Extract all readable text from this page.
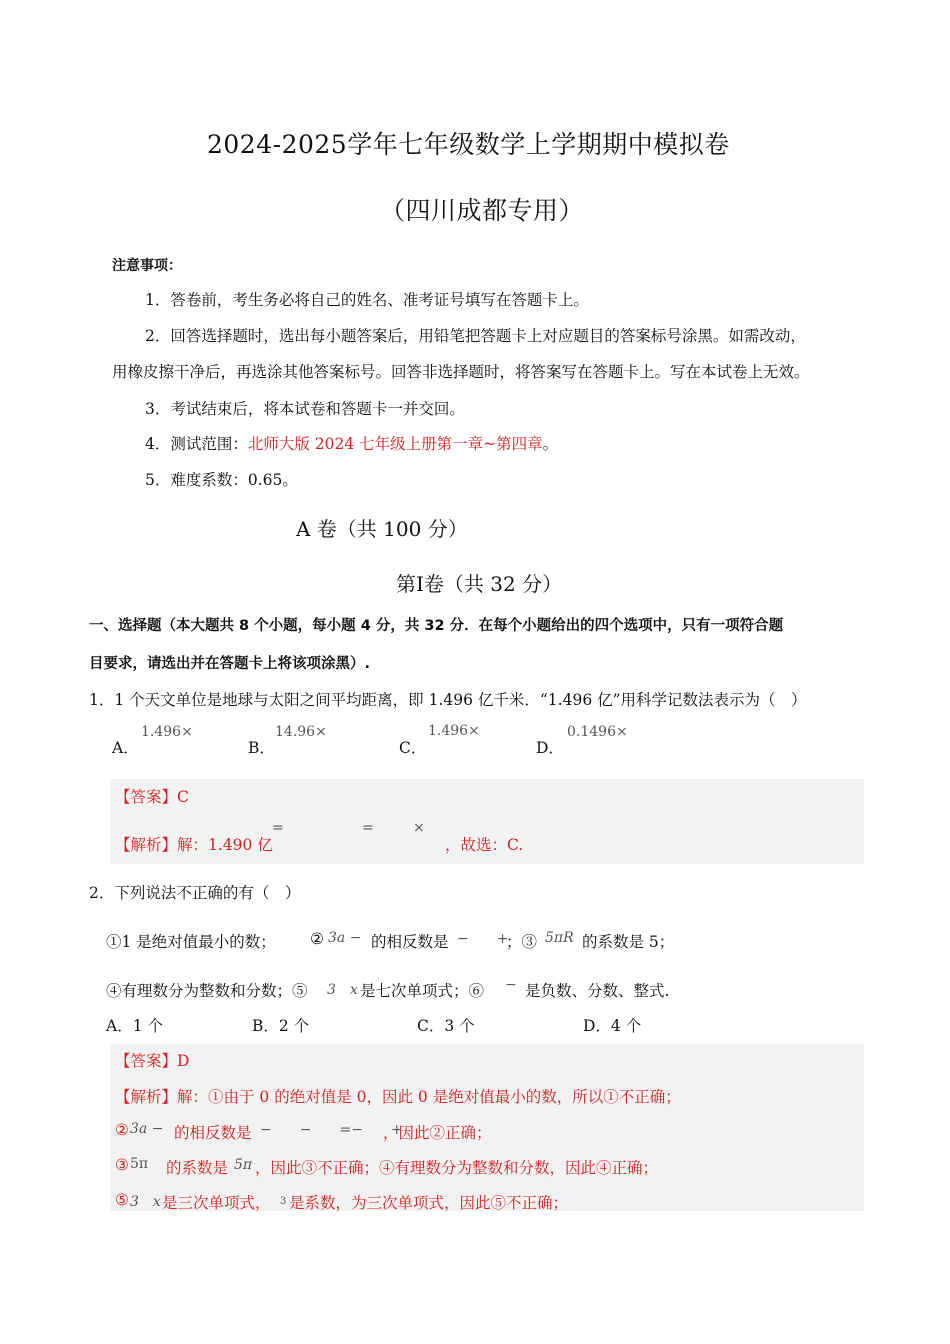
2024-2025学年七年级数学上学期期中模拟卷
（四川成都专用）
注意事项：
1．答卷前，考生务必将自己的姓名、准考证号填写在答题卡上。
2．回答选择题时，选出每小题答案后，用铅笔把答题卡上对应题目的答案标号涂黑。如需改动，
用橡皮擦干净后，再选涂其他答案标号。回答非选择题时，将答案写在答题卡上。写在本试卷上无效。
3．考试结束后，将本试卷和答题卡一并交回。
4．测试范围：北师大版 2024 七年级上册第一章~第四章。
5．难度系数：0.65。
A 卷（共 100 分）
第Ⅰ卷（共 32 分）
一、选择题（本大题共 8 个小题，每小题 4 分，共 32 分．在每个小题给出的四个选项中，只有一项符合题
目要求，请选出并在答题卡上将该项涂黑）.
1．1 个天文单位是地球与太阳之间平均距离，即 1.496 亿千米．“1.496 亿”用科学记数法表示为（　）
A．
1.496×
B．
14.96×
C．
1.496×
D．
0.1496×
【答案】C
【解析】解：1.490 亿
=	=	×
，故选：C.
2．下列说法不正确的有（　）
①1 是绝对值最小的数； ② 3a − 的相反数是 −　　+
；③ 5πR 的系数是 5；
④有理数分为整数和分数；⑤ 3　x 是七次单项式；⑥ − 是负数、分数、整式.
A．1 个	B．2 个	C．3 个	D．4 个
【答案】D
【解析】解：①由于 0 的绝对值是 0，因此 0 是绝对值最小的数，所以①不正确；
② 3a − 的相反数是 −　　−　　=−　　+
，因此②正确；
③ 5π 的系数是 5π ，因此③不正确；④有理数分为整数和分数，因此④正确；
⑤ 3　x 是三次单项式， 3 是系数，为三次单项式，因此⑤不正确；
